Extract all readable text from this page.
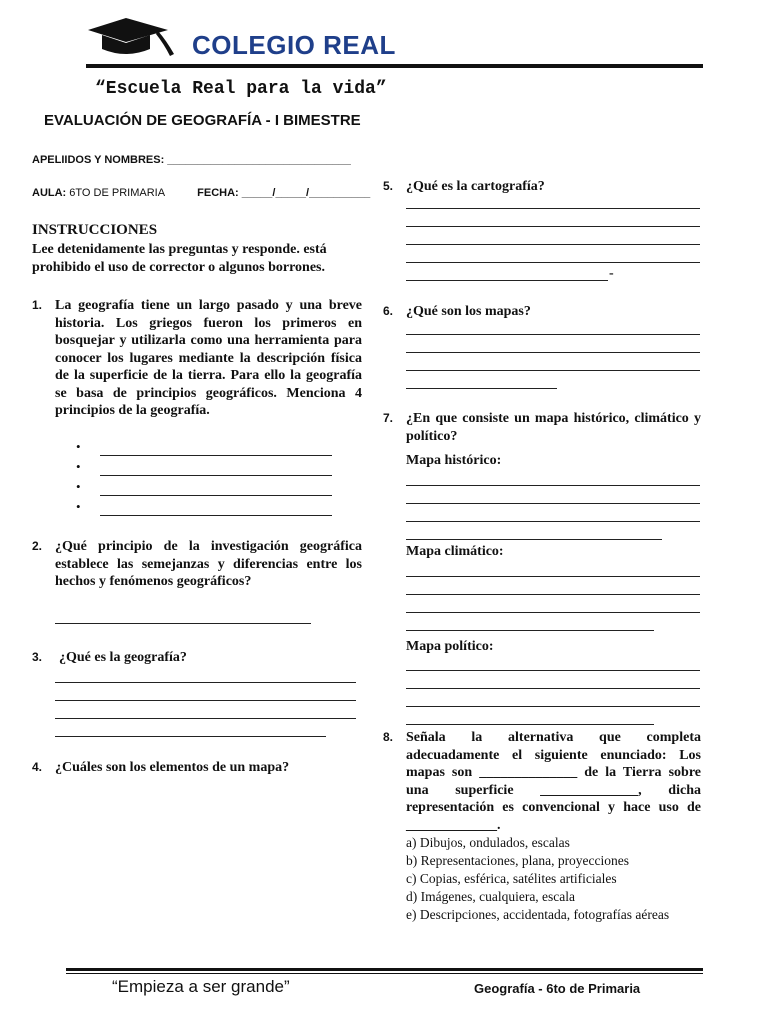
COLEGIO REAL
“Escuela Real para la vida”
EVALUACIÓN DE GEOGRAFÍA - I BIMESTRE
APELIIDOS Y NOMBRES: ______________________________
AULA: 6TO DE PRIMARIA	FECHA: _____/_____/__________
INSTRUCCIONES
Lee detenidamente las preguntas y responde. está prohibido el uso de corrector o algunos borrones.
1. La geografía tiene un largo pasado y una breve historia. Los griegos fueron los primeros en bosquejar y utilizarla como una herramienta para conocer los lugares mediante la descripción física de la superficie de la tierra. Para ello la geografía se basa de principios geográficos. Menciona 4 principios de la geografía.
•
•
•
•
2. ¿Qué principio de la investigación geográfica establece las semejanzas y diferencias entre los hechos y fenómenos geográficos?
3. ¿Qué es la geografía?
4. ¿Cuáles son los elementos de un mapa?
5. ¿Qué es la cartografía?
-
6. ¿Qué son los mapas?
7. ¿En que consiste un mapa histórico, climático y político?
Mapa histórico:
Mapa climático:
Mapa político:
8. Señala la alternativa que completa adecuadamente el siguiente enunciado: Los mapas son ______________ de la Tierra sobre una superficie ______________, dicha representación es convencional y hace uso de _____________.
a) Dibujos, ondulados, escalas
b) Representaciones, plana, proyecciones
c) Copias, esférica, satélites artificiales
d) Imágenes, cualquiera, escala
e) Descripciones, accidentada, fotografías aéreas
“Empieza a ser grande”	Geografía - 6to de Primaria
